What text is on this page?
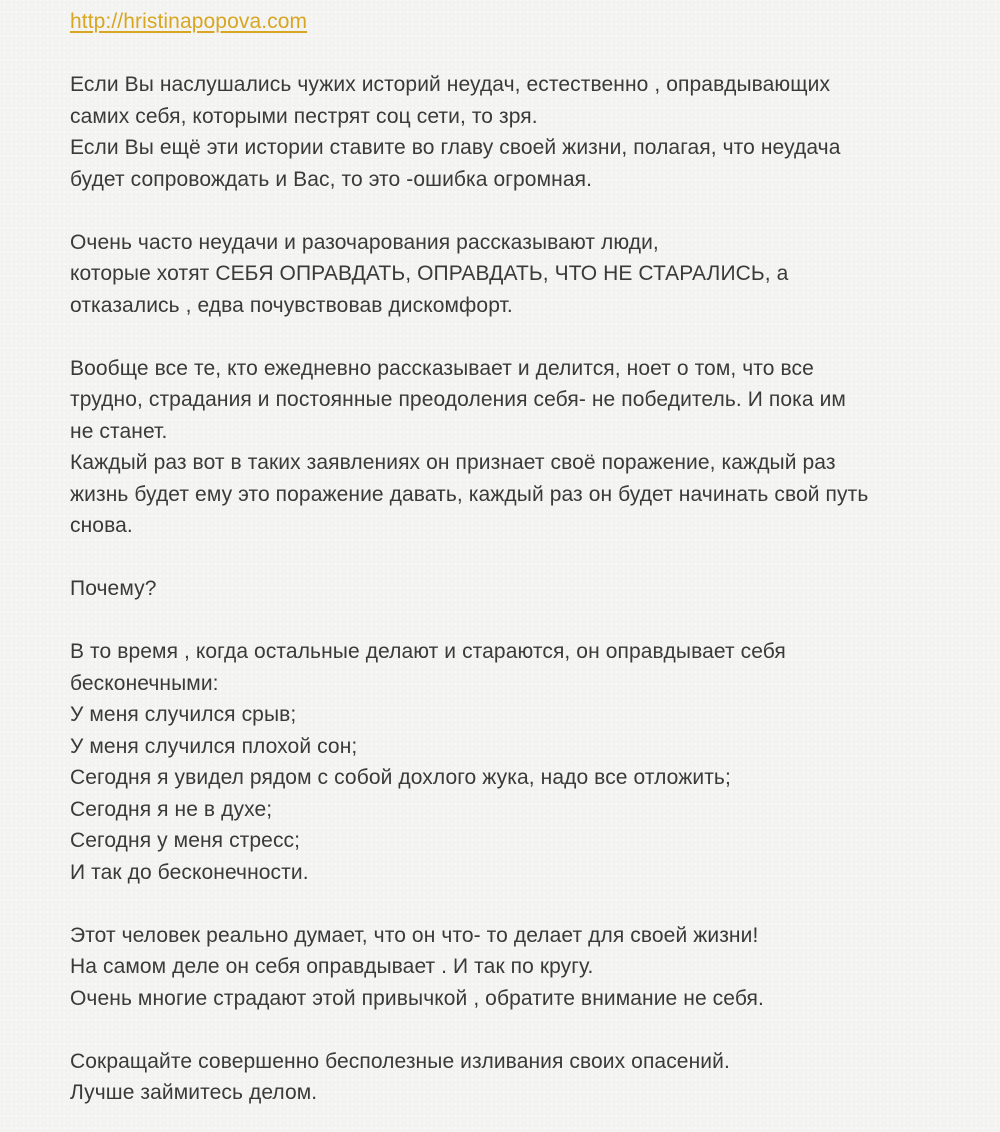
http://hristinapopova.com
Если Вы наслушались чужих историй неудач, естественно , оправдывающих
самих себя, которыми пестрят соц сети, то зря.
Если Вы ещё эти истории ставите во главу своей жизни, полагая, что неудача
будет сопровождать и Вас, то это -ошибка огромная.
Очень часто неудачи и разочарования рассказывают люди,
которые хотят СЕБЯ ОПРАВДАТЬ, ОПРАВДАТЬ, ЧТО НЕ СТАРАЛИСЬ, а
отказались , едва почувствовав дискомфорт.
Вообще все те, кто ежедневно рассказывает и делится, ноет о том, что все
трудно, страдания и постоянные преодоления себя- не победитель. И пока им
не станет.
Каждый раз вот в таких заявлениях он признает своё поражение, каждый раз
жизнь будет ему это поражение давать, каждый раз он будет начинать свой путь
снова.
Почему?
В то время , когда остальные делают и стараются, он оправдывает себя
бесконечными:
У меня случился срыв;
У меня случился плохой сон;
Сегодня я увидел рядом с собой дохлого жука, надо все отложить;
Сегодня я не в духе;
Сегодня у меня стресс;
И так до бесконечности.
Этот человек реально думает, что он что- то делает для своей жизни!
На самом деле он себя оправдывает . И так по кругу.
Очень многие страдают этой привычкой , обратите внимание не себя.
Сокращайте совершенно бесполезные изливания своих опасений.
Лучше займитесь делом.
